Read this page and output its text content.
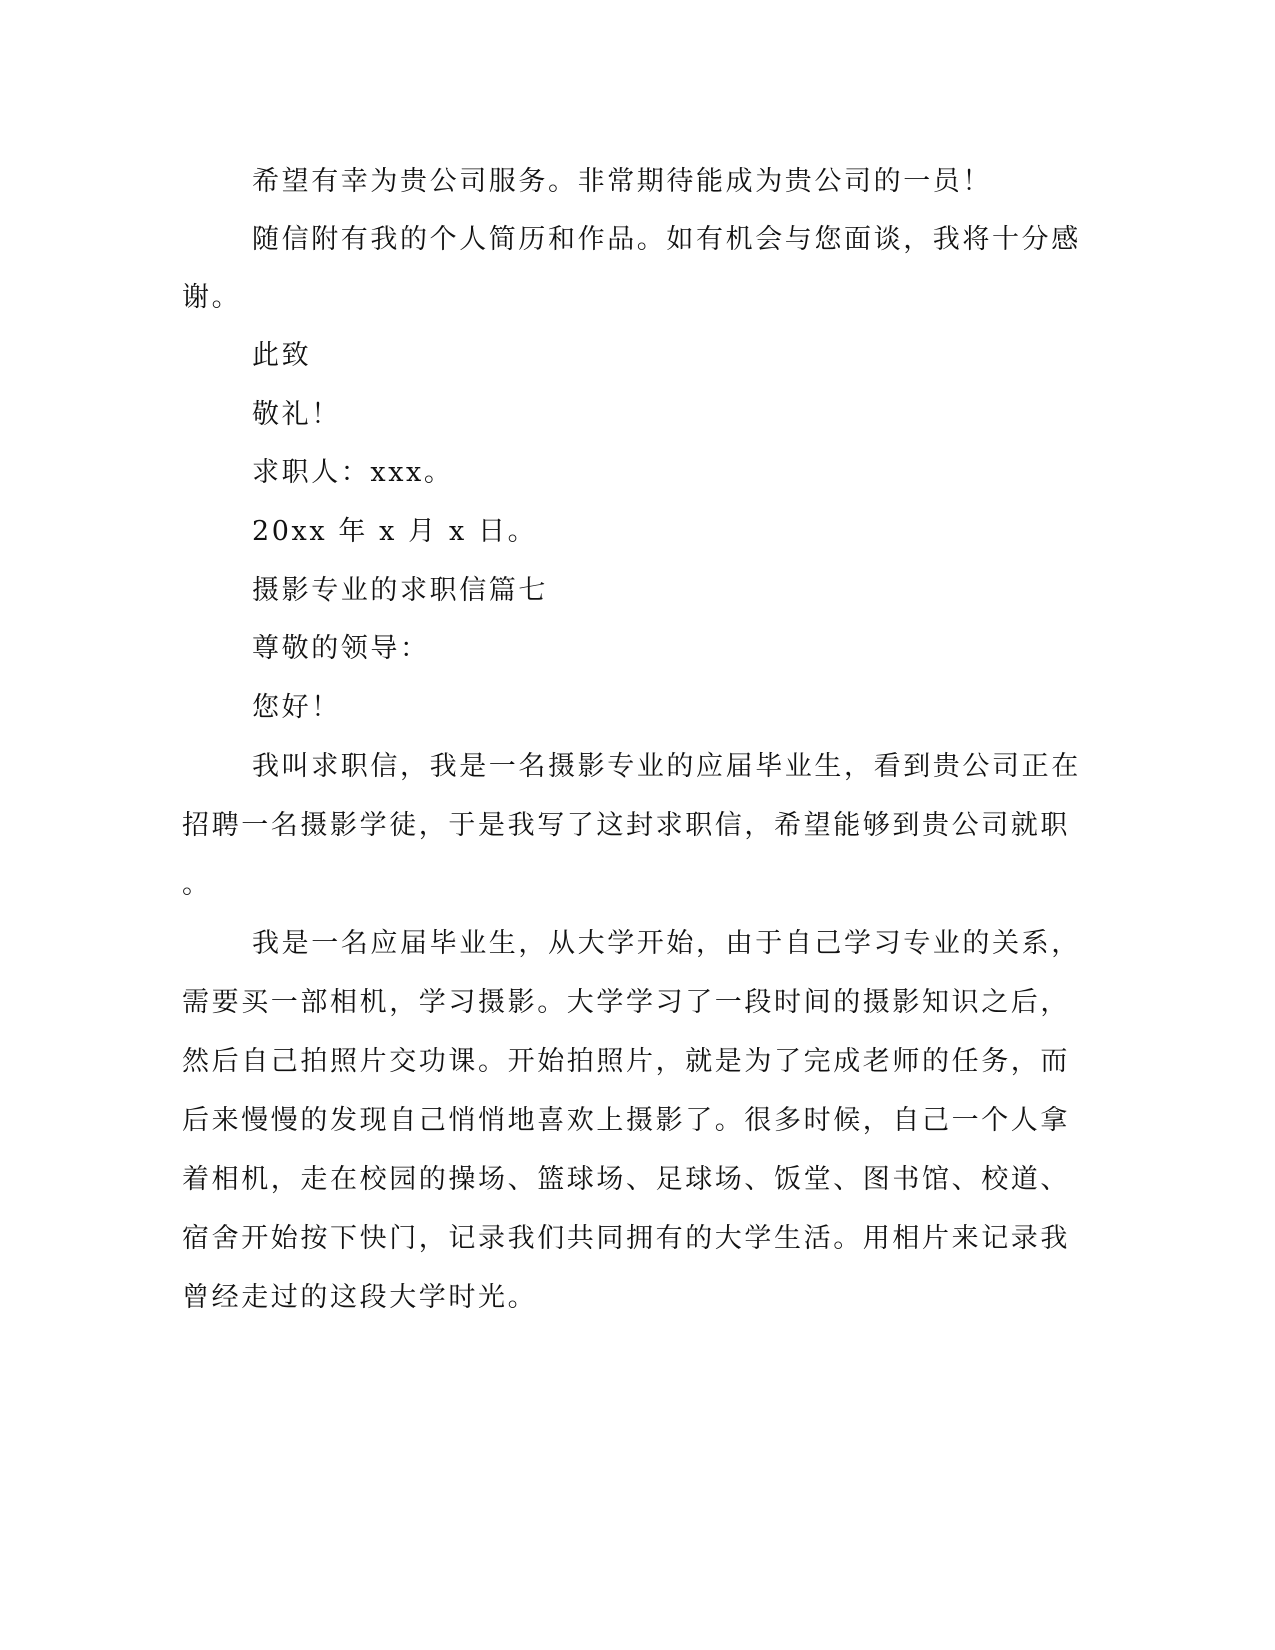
希望有幸为贵公司服务。非常期待能成为贵公司的一员！

随信附有我的个人简历和作品。如有机会与您面谈，我将十分感

谢。

此致

敬礼！

求职人：xxx。

20xx 年 x 月 x 日。

摄影专业的求职信篇七

尊敬的领导：

您好！

我叫求职信，我是一名摄影专业的应届毕业生，看到贵公司正在

招聘一名摄影学徒，于是我写了这封求职信，希望能够到贵公司就职

。

我是一名应届毕业生，从大学开始，由于自己学习专业的关系，

需要买一部相机，学习摄影。大学学习了一段时间的摄影知识之后，

然后自己拍照片交功课。开始拍照片，就是为了完成老师的任务，而

后来慢慢的发现自己悄悄地喜欢上摄影了。很多时候，自己一个人拿

着相机，走在校园的操场、篮球场、足球场、饭堂、图书馆、校道、

宿舍开始按下快门，记录我们共同拥有的大学生活。用相片来记录我

曾经走过的这段大学时光。
